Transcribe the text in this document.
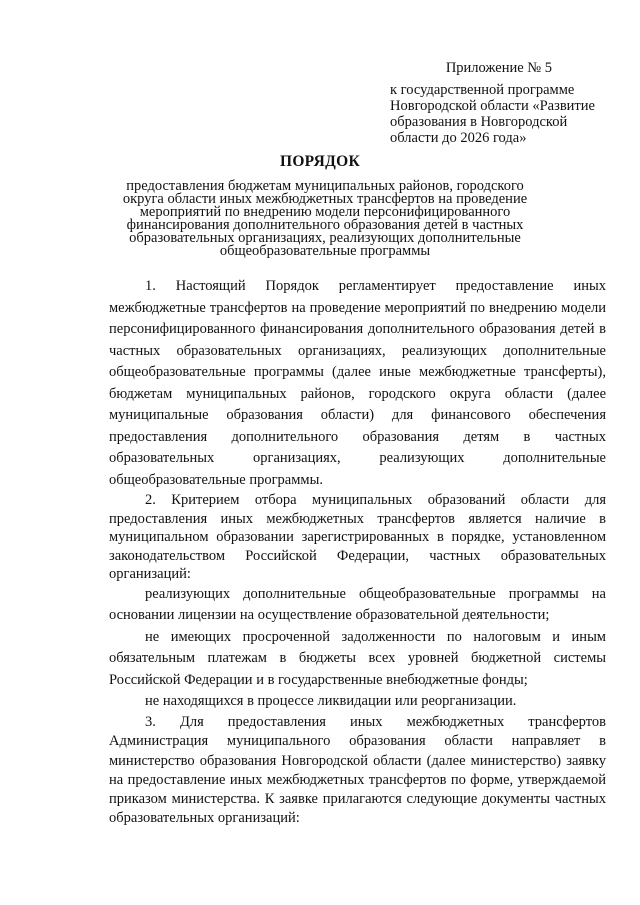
Приложение № 5
к государственной программе Новгородской области «Развитие образования в Новгородской области до 2026 года»
ПОРЯДОК
предоставления бюджетам муниципальных районов, городского округа области иных межбюджетных трансфертов на проведение мероприятий по внедрению модели персонифицированного финансирования дополнительного образования детей в частных образовательных организациях, реализующих дополнительные общеобразовательные программы

1. Настоящий Порядок регламентирует предоставление иных межбюджетные трансфертов на проведение мероприятий по внедрению модели персонифицированного финансирования дополнительного образования детей в частных образовательных организациях, реализующих дополнительные общеобразовательные программы (далее иные межбюджетные трансферты), бюджетам муниципальных районов, городского округа области (далее муниципальные образования области) для финансового обеспечения предоставления дополнительного образования детям в частных образовательных организациях, реализующих дополнительные общеобразовательные программы.

2. Критерием отбора муниципальных образований области для предоставления иных межбюджетных трансфертов является наличие в муниципальном образовании зарегистрированных в порядке, установленном законодательством Российской Федерации, частных образовательных организаций:

реализующих дополнительные общеобразовательные программы на основании лицензии на осуществление образовательной деятельности;

не имеющих просроченной задолженности по налоговым и иным обязательным платежам в бюджеты всех уровней бюджетной системы Российской Федерации и в государственные внебюджетные фонды;

не находящихся в процессе ликвидации или реорганизации.

3. Для предоставления иных межбюджетных трансфертов Администрация муниципального образования области направляет в министерство образования Новгородской области (далее министерство) заявку на предоставление иных межбюджетных трансфертов по форме, утверждаемой приказом министерства. К заявке прилагаются следующие документы частных образовательных организаций:
